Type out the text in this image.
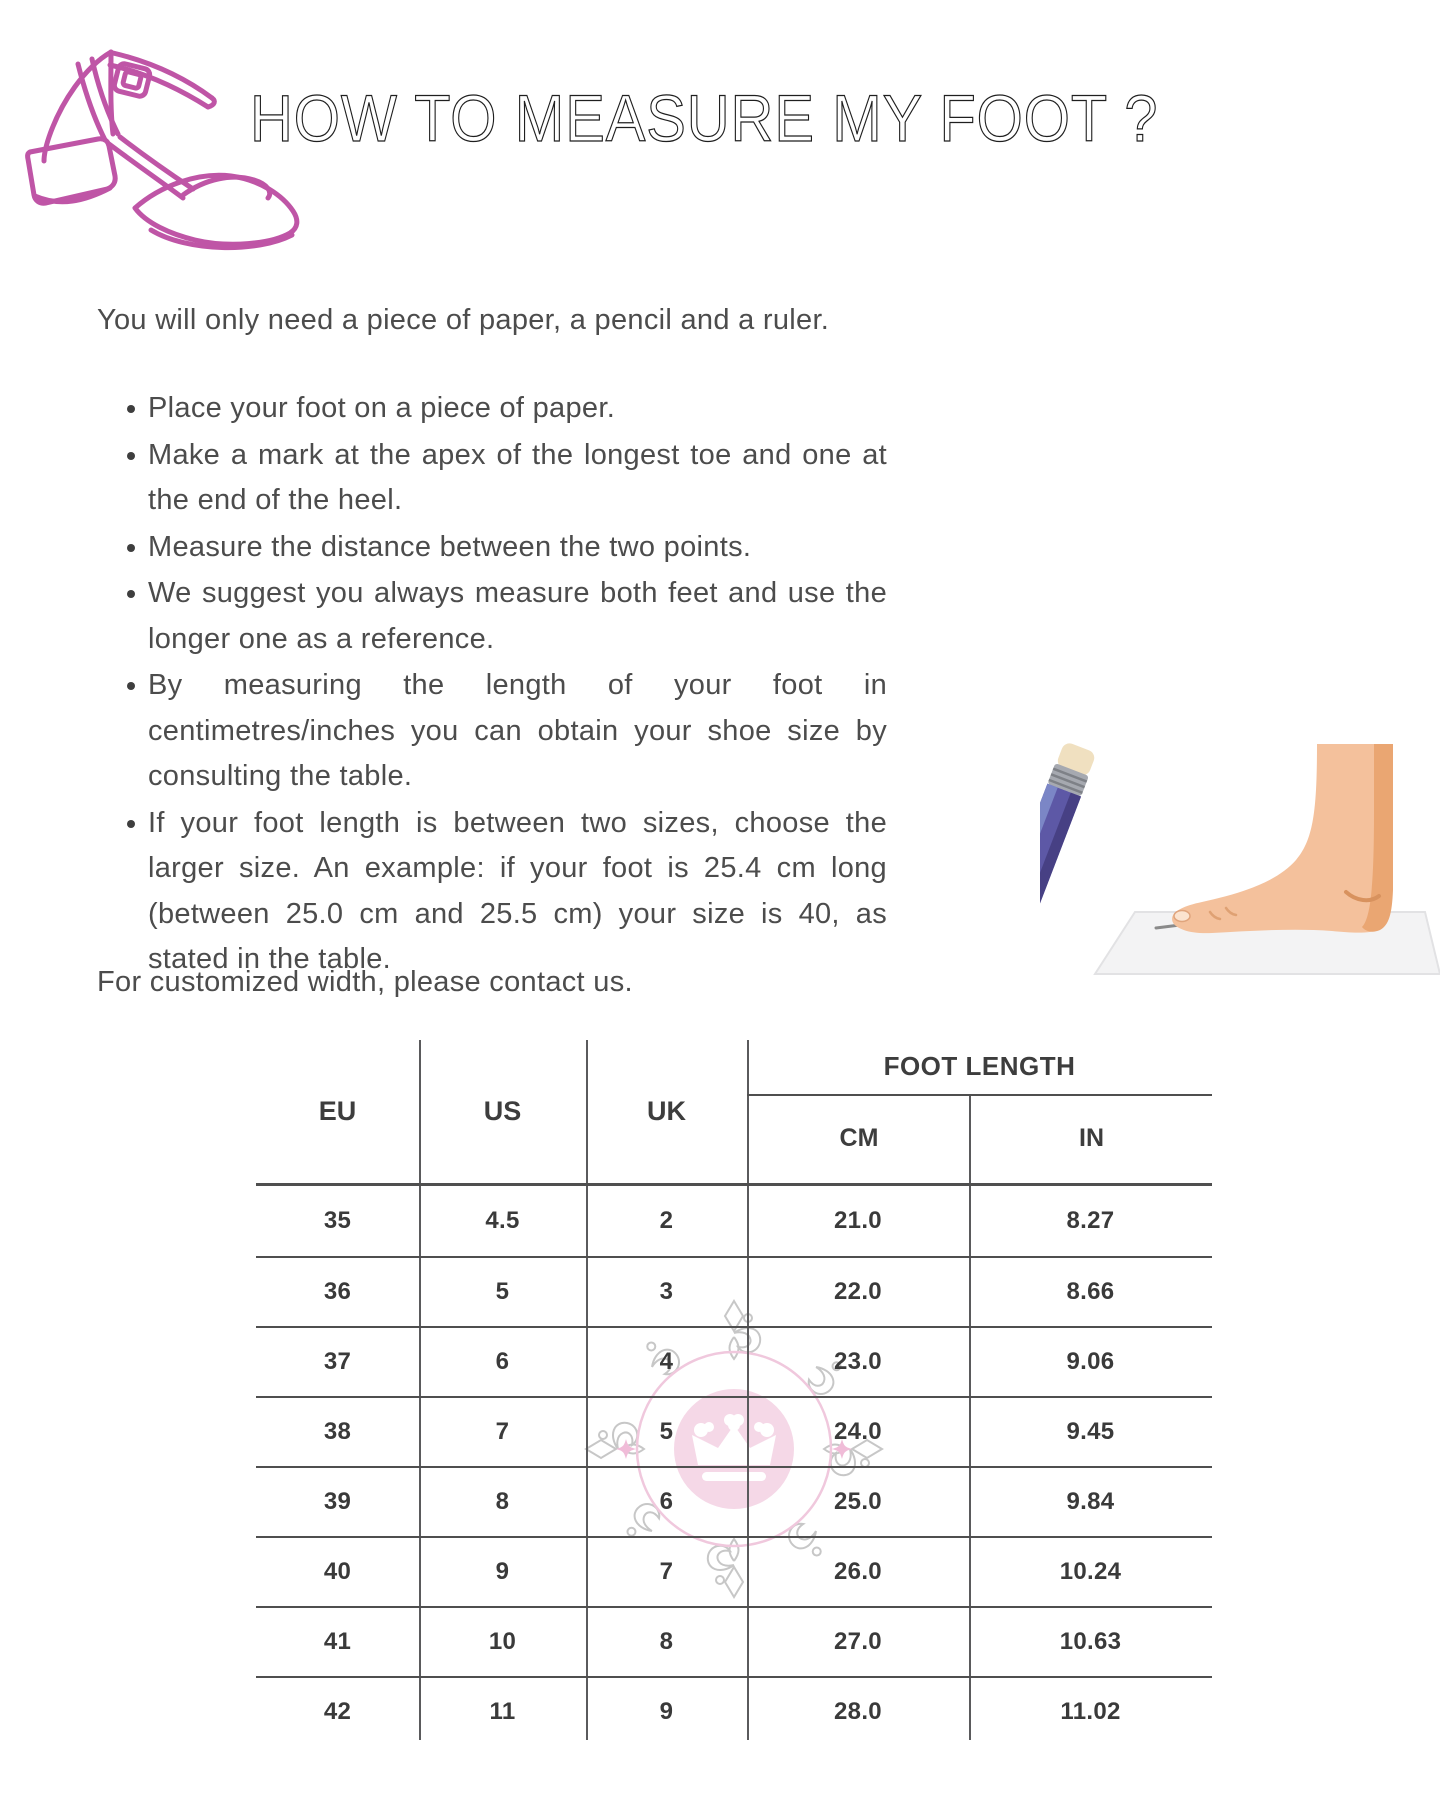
HOW TO MEASURE MY FOOT ?

You will only need a piece of paper, a pencil and a ruler.

Place your foot on a piece of paper.
Make a mark at the apex of the longest toe and one at the end of the heel.
Measure the distance between the two points.
We suggest you always measure both feet and use the longer one as a reference.
By measuring the length of your foot in centimetres/inches you can obtain your shoe size by consulting the table.
If your foot length is between two sizes, choose the larger size. An example: if your foot is 25.4 cm long (between 25.0 cm and 25.5 cm) your size is 40, as stated in the table.

For customized width, please contact us.

EU	US	UK
FOOT LENGTH
CM	IN
35	4.5	2	21.0	8.27
36	5	3	22.0	8.66
37	6	4	23.0	9.06
38	7	5	24.0	9.45
39	8	6	25.0	9.84
40	9	7	26.0	10.24
41	10	8	27.0	10.63
42	11	9	28.0	11.02
